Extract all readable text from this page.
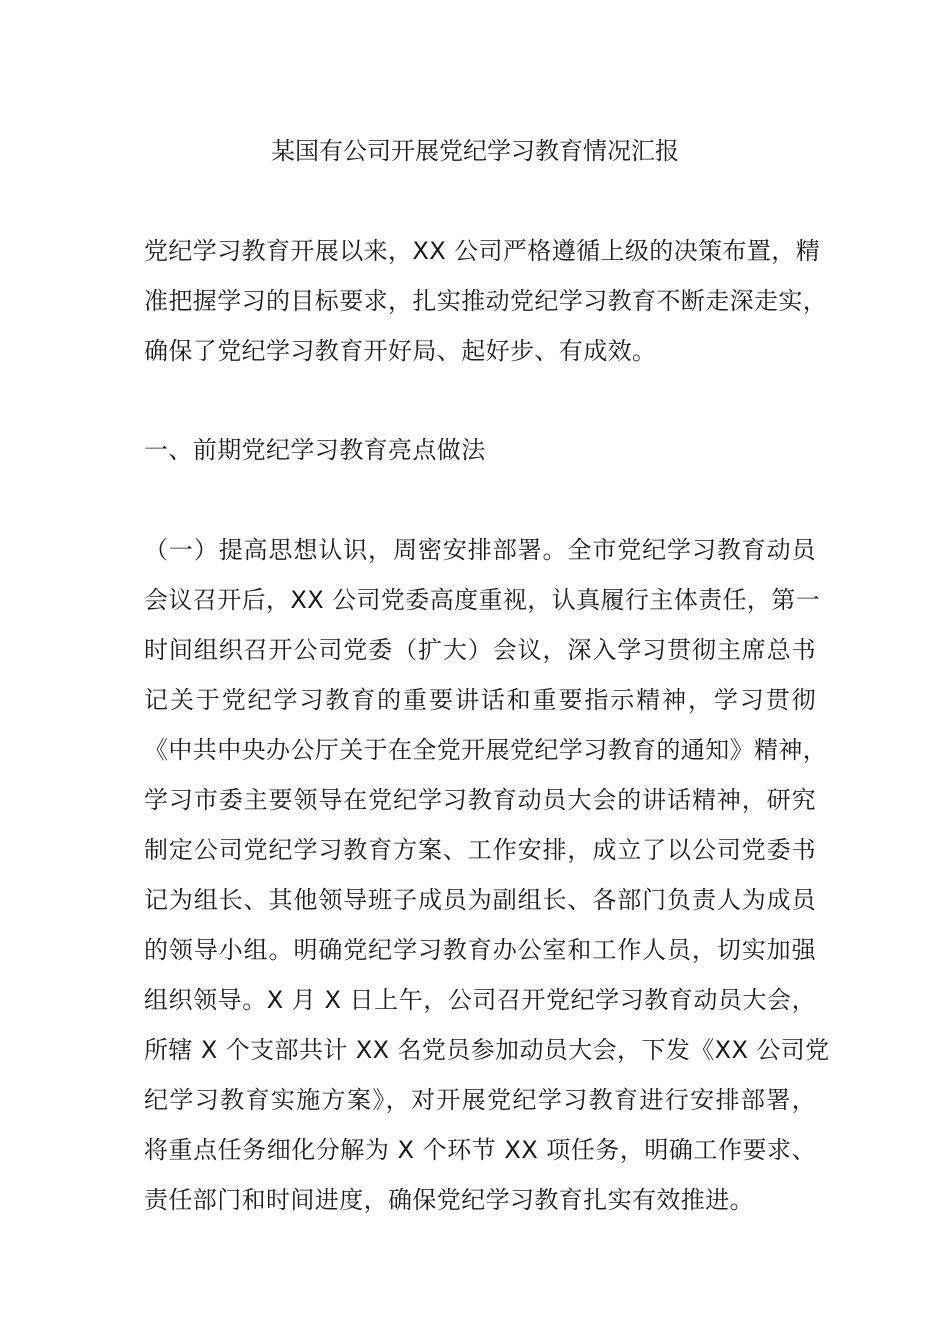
某国有公司开展党纪学习教育情况汇报
党纪学习教育开展以来，XX 公司严格遵循上级的决策布置，精
准把握学习的目标要求，扎实推动党纪学习教育不断走深走实，
确保了党纪学习教育开好局、起好步、有成效。
一、前期党纪学习教育亮点做法
（一）提高思想认识，周密安排部署。全市党纪学习教育动员
会议召开后，XX 公司党委高度重视，认真履行主体责任，第一
时间组织召开公司党委（扩大）会议，深入学习贯彻主席总书
记关于党纪学习教育的重要讲话和重要指示精神，学习贯彻
《中共中央办公厅关于在全党开展党纪学习教育的通知》精神，
学习市委主要领导在党纪学习教育动员大会的讲话精神，研究
制定公司党纪学习教育方案、工作安排，成立了以公司党委书
记为组长、其他领导班子成员为副组长、各部门负责人为成员
的领导小组。明确党纪学习教育办公室和工作人员，切实加强
组织领导。X 月 X 日上午，公司召开党纪学习教育动员大会，
所辖 X 个支部共计 XX 名党员参加动员大会，下发《XX 公司党
纪学习教育实施方案》，对开展党纪学习教育进行安排部署，
将重点任务细化分解为 X 个环节 XX 项任务，明确工作要求、
责任部门和时间进度，确保党纪学习教育扎实有效推进。
